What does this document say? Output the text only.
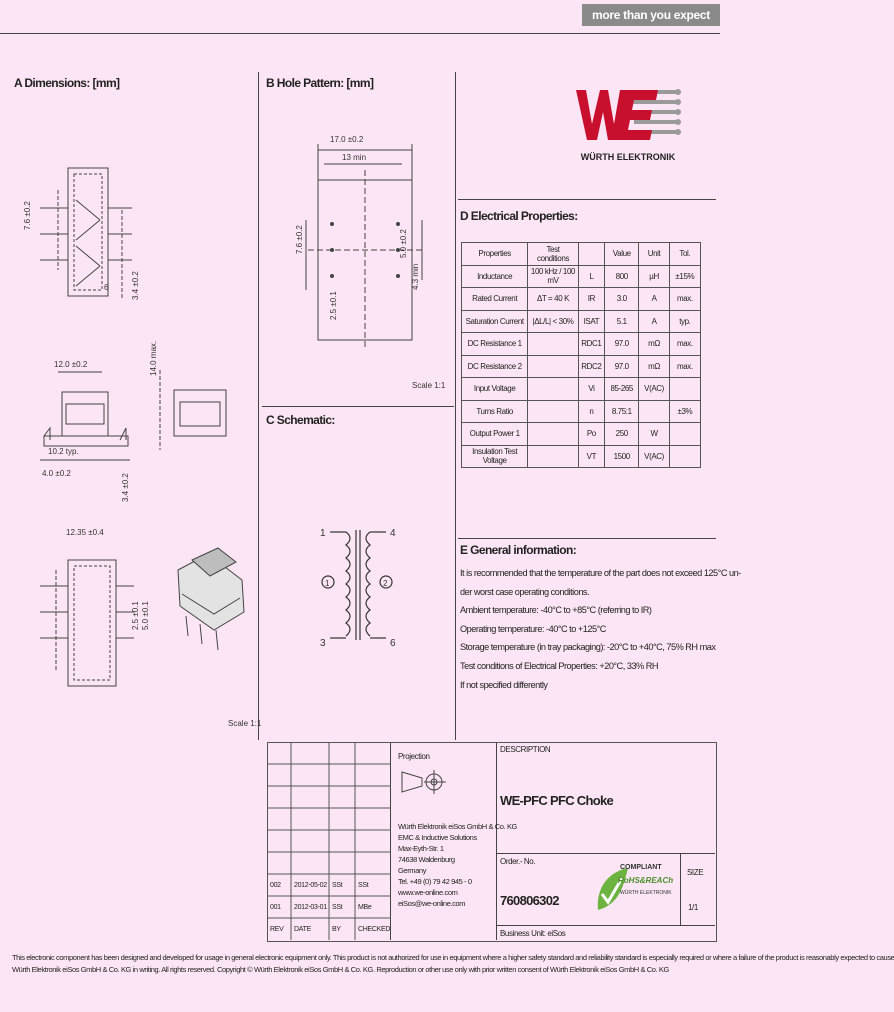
more than you expect
WÜRTH ELEKTRONIK
A Dimensions: [mm]	B Hole Pattern: [mm]
C Schematic:
D Electrical Properties:
E General information:
7.6 ±0.2
3.4 ±0.2
6
12.0 ±0.2	14.0 max.
10.2 typ.
3.4 ±0.2
4.0 ±0.2
12.35 ±0.4
2.5 ±0.1 5.0 ±0.1
Scale 1:1
17.0 ±0.2
13 min
7.6 ±0.2	5.0 ±0.2
4.3 min
2.5 ±0.1
Scale 1:1
1
3
4
6
1	2
Properties	Test conditions		Value	Unit	Tol.
Inductance	100 kHz / 100 mV	L	800	µH	±15%
Rated Current	ΔT = 40 K	IR	3.0	A	max.
Saturation Current	|ΔL/L| < 30%	ISAT	5.1	A	typ.
DC Resistance 1		RDC1	97.0	mΩ	max.
DC Resistance 2		RDC2	97.0	mΩ	max.
Input Voltage		Vi	85-265	V(AC)	
Turns Ratio		n	8.75:1		±3%
Output Power 1		Po	250	W	
Insulation Test Voltage		VT	1500	V(AC)	
It is recommended that the temperature of the part does not exceed 125°C un-
der worst case operating conditions.
Ambient temperature: -40°C to +85°C (referring to IR)
Operating temperature: -40°C to +125°C
Storage temperature (in tray packaging): -20°C to +40°C, 75% RH max
Test conditions of Electrical Properties: +20°C, 33% RH
If not specified differently
002 2012-05-02 SSt SSt
001 2012-03-01 SSt MBe
REV DATE	BY CHECKED
Projection
Würth Elektronik eiSos GmbH & Co. KG
EMC & Inductive Solutions
Max-Eyth-Str. 1
74638 Waldenburg
Germany
Tel. +49 (0) 79 42 945 - 0
www.we-online.com
eiSos@we-online.com
DESCRIPTION
WE-PFC PFC Choke
Order.- No.
760806302
SIZE
1/1
Business Unit: eiSos
COMPLIANT
RoHS&REACh
WÜRTH ELEKTRONIK
This electronic component has been designed and developed for usage in general electronic equipment only. This product is not authorized for use in equipment where a higher safety standard and reliability standard is especially required or where a failure of the product is reasonably expected to cause
Würth Elektronik eiSos GmbH & Co. KG in writing. All rights reserved. Copyright © Würth Elektronik eiSos GmbH & Co. KG. Reproduction or other use only with prior written consent of Würth Elektronik eiSos GmbH & Co. KG
